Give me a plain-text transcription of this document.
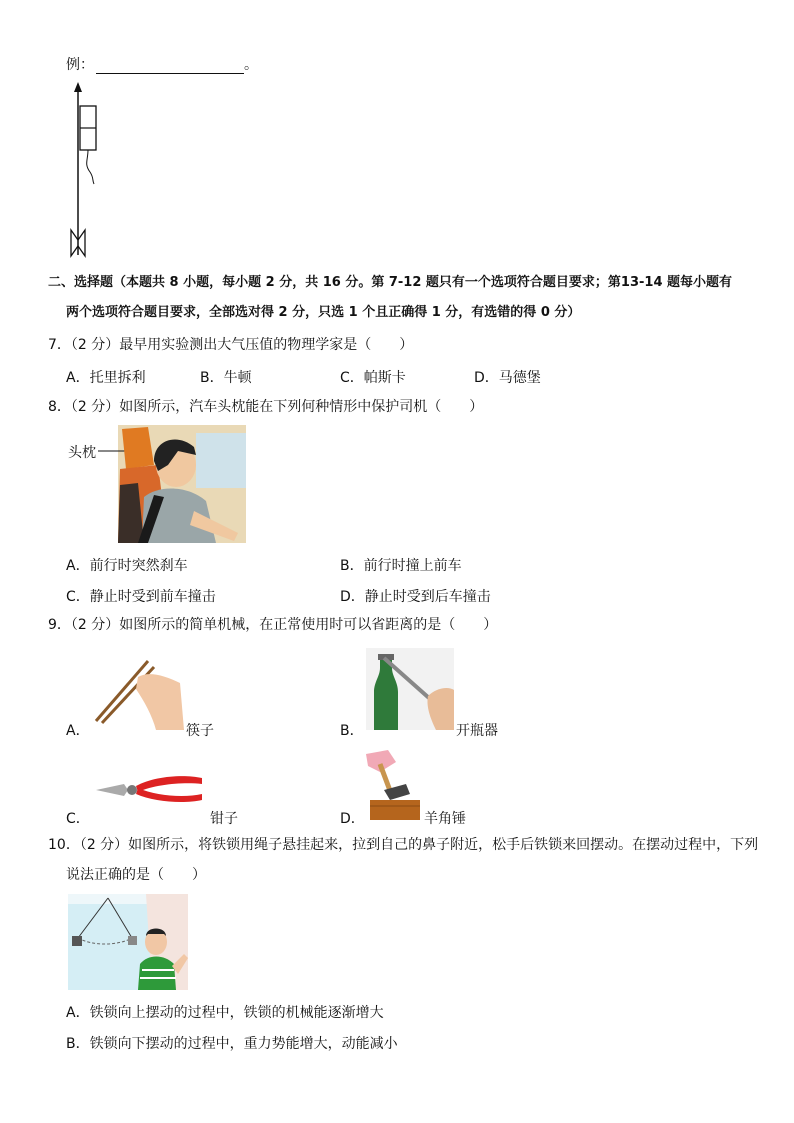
例：	。
二、选择题（本题共 8 小题，每小题 2 分，共 16 分。第 7-12 题只有一个选项符合题目要求；第13-14 题每小题有
两个选项符合题目要求，全部选对得 2 分，只选 1 个且正确得 1 分，有选错的得 0 分）
7．（2 分）最早用实验测出大气压值的物理学家是（　　）
A．托里拆利	B．牛顿	C．帕斯卡	D．马德堡
8．（2 分）如图所示，汽车头枕能在下列何种情形中保护司机（　　）
头枕
A．前行时突然刹车	B．前行时撞上前车
C．静止时受到前车撞击	D．静止时受到后车撞击
9．（2 分）如图所示的简单机械，在正常使用时可以省距离的是（　　）
A．	筷子	B．	开瓶器
C．	钳子	D．	羊角锤
10．（2 分）如图所示，将铁锁用绳子悬挂起来，拉到自己的鼻子附近，松手后铁锁来回摆动。在摆动过程中，下列
说法正确的是（　　）
A．铁锁向上摆动的过程中，铁锁的机械能逐渐增大
B．铁锁向下摆动的过程中，重力势能增大，动能减小
